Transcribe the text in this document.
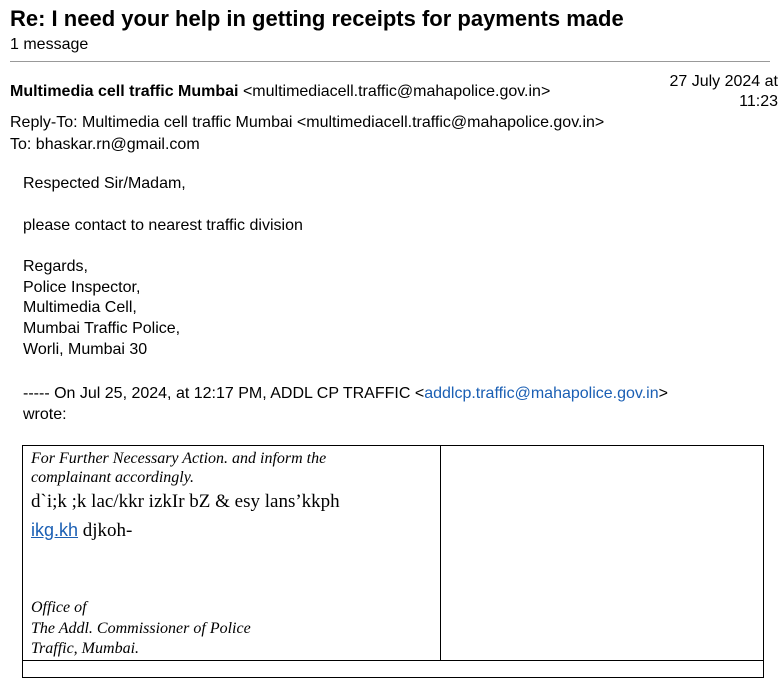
Re: I need your help in getting receipts for payments made
1 message
Multimedia cell traffic Mumbai <multimediacell.traffic@mahapolice.gov.in>
27 July 2024 at
11:23
Reply-To: Multimedia cell traffic Mumbai <multimediacell.traffic@mahapolice.gov.in>
To: bhaskar.rn@gmail.com

Respected Sir/Madam,

please contact to nearest traffic division

Regards,

Police Inspector,

Multimedia Cell,

Mumbai Traffic Police,

Worli, Mumbai 30

----- On Jul 25, 2024, at 12:17 PM, ADDL CP TRAFFIC <addlcp.traffic@mahapolice.gov.in>
wrote:
For Further Necessary Action. and inform the
complainant accordingly.
d`i;k ;k lac/kkr izkIr bZ & esy lans’kkph
ikg.kh djkoh-
Office of
The Addl. Commissioner of Police
Traffic, Mumbai.
